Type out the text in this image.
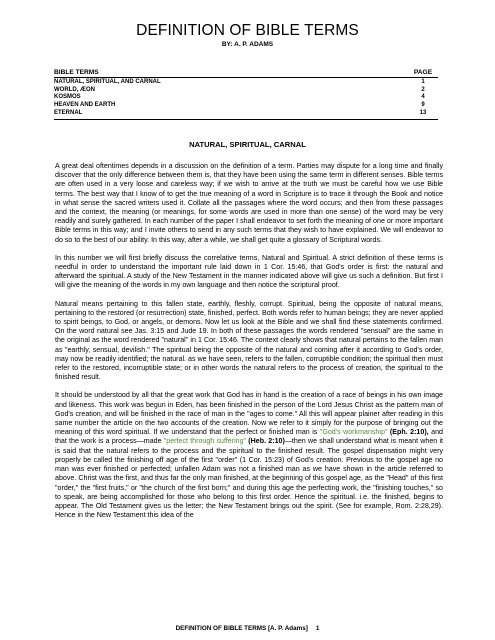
DEFINITION OF BIBLE TERMS
BY: A. P. ADAMS
BIBLE TERMS	PAGE
NATURAL, SPIRITUAL, AND CARNAL	1
WORLD, ÆON	2
KOSMOS	4
HEAVEN AND EARTH	9
ETERNAL	13
NATURAL, SPIRITUAL, CARNAL

A great deal oftentimes depends in a discussion on the definition of a term. Parties may dispute for a long time and finally discover that the only difference between them is, that they have been using the same term in different senses. Bible terms are often used in a very loose and careless way; if we wish to arrive at the truth we must be careful how we use Bible terms. The best way that I know of to get the true meaning of a word in Scripture is to trace it through the Book and notice in what sense the sacred writers used it. Collate all the passages where the word occurs; and then from these passages and the context, the meaning (or meanings, for some words are used in more than one sense) of the word may be very readily and surely gathered. In each number of the paper I shall endeavor to set forth the meaning of one or more important Bible terms in this way; and I invite others to send in any such terms that they wish to have explained. We will endeavor to do so to the best of our ability. In this way, after a while, we shall get quite a glossary of Scriptural words.

In this number we will first briefly discuss the correlative terms, Natural and Spiritual. A strict definition of these terms is needful in order to understand the important rule laid down in 1 Cor. 15:46, that God's order is first: the natural and afterward the spiritual. A study of the New Testament in the manner indicated above will give us such a definition. But first I will give the meaning of the words in my own language and then notice the scriptural proof.

Natural means pertaining to this fallen state, earthly, fleshly, corrupt. Spiritual, being the opposite of natural means, pertaining to the restored (or resurrection) state, finished, perfect. Both words refer to human beings; they are never applied to spirit beings, to God, or angels, or demons. Now let us look at the Bible and we shall find these statements confirmed. On the word natural see Jas. 3:15 and Jude 19. In both of these passages the words rendered "sensual" are the same in the original as the word rendered "natural" in 1 Cor. 15:46. The context clearly shows that natural pertains to the fallen man as "earthly, sensual, devilish." The spiritual being the opposite of the natural and coming after it according to God's order, may now be readily identified; the natural. as we have seen, refers to the fallen, corruptible condition; the spiritual then must refer to the restored, incorruptible state; or in other words the natural refers to the process of creation, the spiritual to the finished result.

It should be understood by all that the great work that God has in hand is the creation of a race of beings in his own image and likeness. This work was begun in Eden, has been finished in the person of the Lord Jesus Christ as the pattern man of God's creation, and will be finished in the race of man in the "ages to come." All this will appear plainer after reading in this same number the article on the two accounts of the creation. Now we refer to it simply for the purpose of bringing out the meaning of this word spiritual. If we understand that the perfect or finished man is "God's workmanship" (Eph. 2:10), and that the work is a process—made "perfect through suffering" (Heb. 2:10)—then we shall understand what is meant when it is said that the natural refers to the process and the spiritual to the finished result. The gospel dispensation might very properly be called the finishing off age of the first "order" (1 Cor. 15:23) of God's creation. Previous to the gospel age no man was ever finished or perfected; unfallen Adam was not a finished man as we have shown in the article referred to above. Christ was the first, and thus far the only man finished, at the beginning of this gospel age, as the "Head" of this first "order," the "first fruits," or "the church of the first born;" and during this age the perfecting work, the "finishing touches," so to speak, are being accomplished for those who belong to this first order. Hence the spiritual. i.e. the finished, begins to appear. The Old Testament gives us the letter; the New Testament brings out the spirit. (See for example, Rom. 2:28,29). Hence in the New Testament this idea of the

DEFINITION OF BIBLE TERMS [A. P. Adams] 1
